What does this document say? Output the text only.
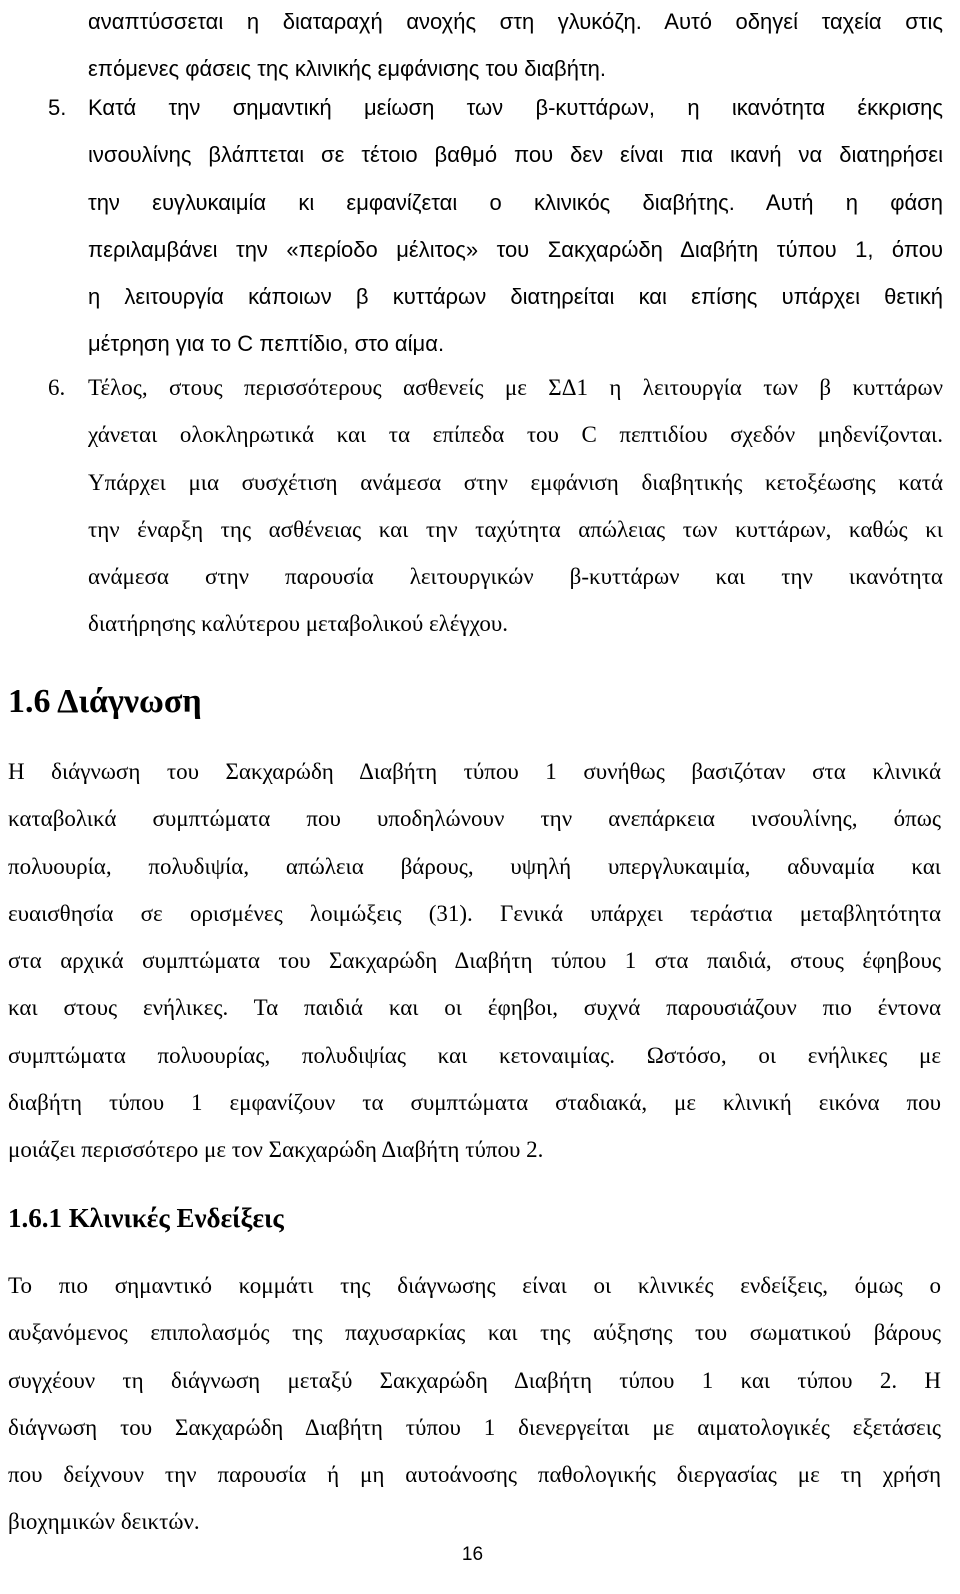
αναπτύσσεται η διαταραχή ανοχής στη γλυκόζη. Αυτό οδηγεί ταχεία στις
επόμενες φάσεις της κλινικής εμφάνισης του διαβήτη.
5. Κατά την σημαντική μείωση των β-κυττάρων, η ικανότητα έκκρισης
ινσουλίνης βλάπτεται σε τέτοιο βαθμό που δεν είναι πια ικανή να διατηρήσει
την ευγλυκαιμία κι εμφανίζεται ο κλινικός διαβήτης. Αυτή η φάση
περιλαμβάνει την «περίοδο μέλιτος» του Σακχαρώδη Διαβήτη τύπου 1, όπου
η λειτουργία κάποιων β κυττάρων διατηρείται και επίσης υπάρχει θετική
μέτρηση για το C πεπτίδιο, στο αίμα.
6. Τέλος, στους περισσότερους ασθενείς με ΣΔ1 η λειτουργία των β κυττάρων
χάνεται ολοκληρωτικά και τα επίπεδα του C πεπτιδίου σχεδόν μηδενίζονται.
Υπάρχει μια συσχέτιση ανάμεσα στην εμφάνιση διαβητικής κετοξέωσης κατά
την έναρξη της ασθένειας και την ταχύτητα απώλειας των κυττάρων, καθώς κι
ανάμεσα στην παρουσία λειτουργικών β-κυττάρων και την ικανότητα
διατήρησης καλύτερου μεταβολικού ελέγχου.
1.6 Διάγνωση
Η διάγνωση του Σακχαρώδη Διαβήτη τύπου 1 συνήθως βασιζόταν στα κλινικά
καταβολικά συμπτώματα που υποδηλώνουν την ανεπάρκεια ινσουλίνης, όπως
πολυουρία, πολυδιψία, απώλεια βάρους, υψηλή υπεργλυκαιμία, αδυναμία και
ευαισθησία σε ορισμένες λοιμώξεις (31). Γενικά υπάρχει τεράστια μεταβλητότητα
στα αρχικά συμπτώματα του Σακχαρώδη Διαβήτη τύπου 1 στα παιδιά, στους έφηβους
και στους ενήλικες. Τα παιδιά και οι έφηβοι, συχνά παρουσιάζουν πιο έντονα
συμπτώματα πολυουρίας, πολυδιψίας και κετοναιμίας. Ωστόσο, οι ενήλικες με
διαβήτη τύπου 1 εμφανίζουν τα συμπτώματα σταδιακά, με κλινική εικόνα που
μοιάζει περισσότερο με τον Σακχαρώδη Διαβήτη τύπου 2.
1.6.1 Κλινικές Ενδείξεις
Το πιο σημαντικό κομμάτι της διάγνωσης είναι οι κλινικές ενδείξεις, όμως ο
αυξανόμενος επιπολασμός της παχυσαρκίας και της αύξησης του σωματικού βάρους
συγχέουν τη διάγνωση μεταξύ Σακχαρώδη Διαβήτη τύπου 1 και τύπου 2. Η
διάγνωση του Σακχαρώδη Διαβήτη τύπου 1 διενεργείται με αιματολογικές εξετάσεις
που δείχνουν την παρουσία ή μη αυτοάνοσης παθολογικής διεργασίας με τη χρήση
βιοχημικών δεικτών.
16
